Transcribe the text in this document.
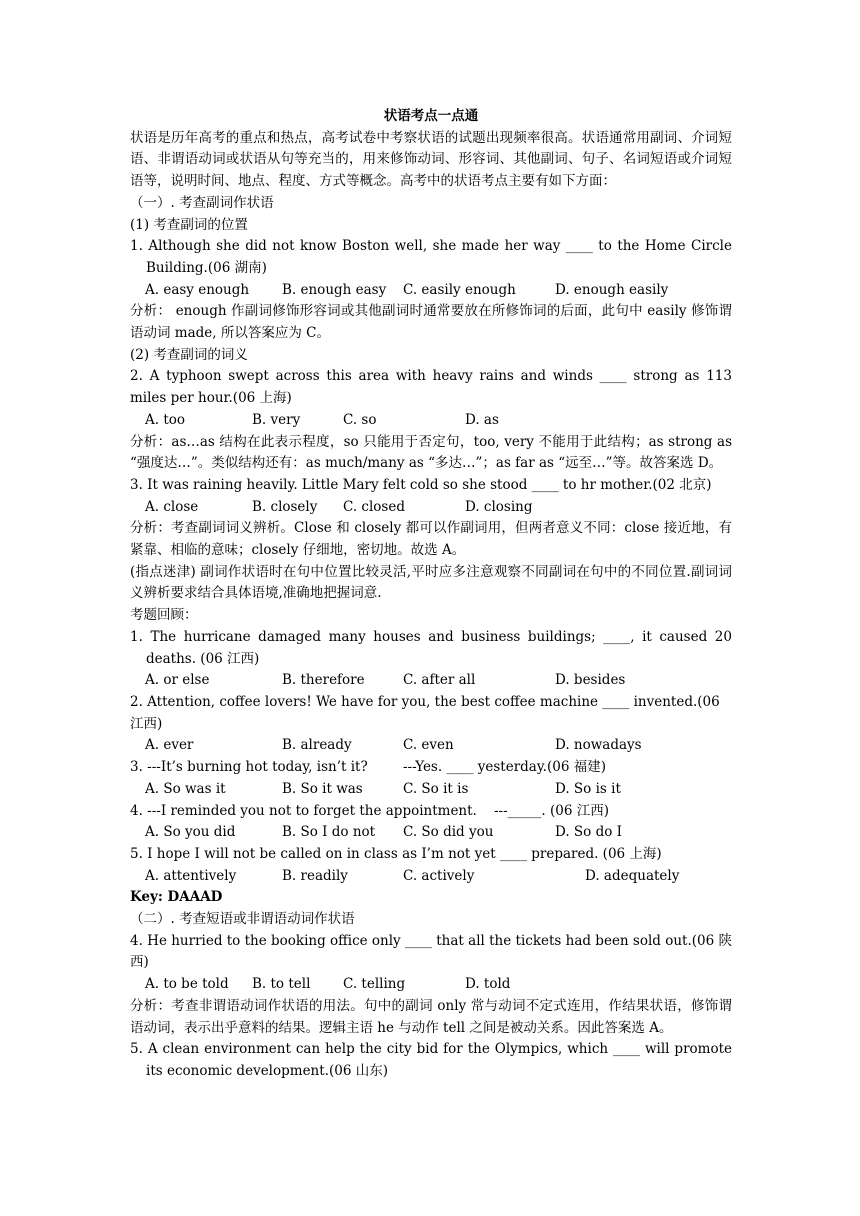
状语考点一点通

状语是历年高考的重点和热点，高考试卷中考察状语的试题出现频率很高。状语通常用副词、介词短语、非谓语动词或状语从句等充当的，用来修饰动词、形容词、其他副词、句子、名词短语或介词短语等，说明时间、地点、程度、方式等概念。高考中的状语考点主要有如下方面：

（一）. 考查副词作状语

(1) 考查副词的位置

1. Although she did not know Boston well, she made her way ____ to the Home Circle Building.(06 湖南)

A. easy enough	B. enough easy	C. easily enough	D. enough easily

分析： enough 作副词修饰形容词或其他副词时通常要放在所修饰词的后面，此句中 easily 修饰谓语动词 made, 所以答案应为 C。

(2) 考查副词的词义

2. A typhoon swept across this area with heavy rains and winds ____ strong as 113 miles per hour.(06 上海)

A. too	B. very	C. so	D. as

分析：as…as 结构在此表示程度，so 只能用于否定句，too, very 不能用于此结构；as strong as “强度达…”。类似结构还有：as much/many as “多达…”；as far as “远至…”等。故答案选 D。

3. It was raining heavily. Little Mary felt cold so she stood ____ to hr mother.(02 北京)

A. close	B. closely	C. closed	D. closing

分析：考查副词词义辨析。Close 和 closely 都可以作副词用，但两者意义不同：close 接近地，有紧靠、相临的意味；closely 仔细地，密切地。故选 A。

(指点迷津) 副词作状语时在句中位置比较灵活,平时应多注意观察不同副词在句中的不同位置.副词词义辨析要求结合具体语境,准确地把握词意.

考题回顾：

1. The hurricane damaged many houses and business buildings; ____, it caused 20 deaths. (06 江西)

A. or else	B. therefore	C. after all	D. besides

2. Attention, coffee lovers! We have for you, the best coffee machine ____ invented.(06 江西)

A. ever	B. already	C. even	D. nowadays
3. ---It’s burning hot today, isn’t it?	---Yes. ____ yesterday.(06 福建)
A. So was it	B. So it was	C. So it is	D. So is it
4. ---I reminded you not to forget the appointment.	---_____. (06 江西)
A. So you did	B. So I do not	C. So did you	D. So do I

5. I hope I will not be called on in class as I’m not yet ____ prepared. (06 上海)

A. attentively	B. readily	C. actively	D. adequately

Key: DAAAD

（二）. 考查短语或非谓语动词作状语

4. He hurried to the booking office only ____ that all the tickets had been sold out.(06 陕西)

A. to be told	B. to tell	C. telling	D. told

分析：考查非谓语动词作状语的用法。句中的副词 only 常与动词不定式连用，作结果状语，修饰谓语动词，表示出乎意料的结果。逻辑主语 he 与动作 tell 之间是被动关系。因此答案选 A。

5. A clean environment can help the city bid for the Olympics, which ____ will promote its economic development.(06 山东)
